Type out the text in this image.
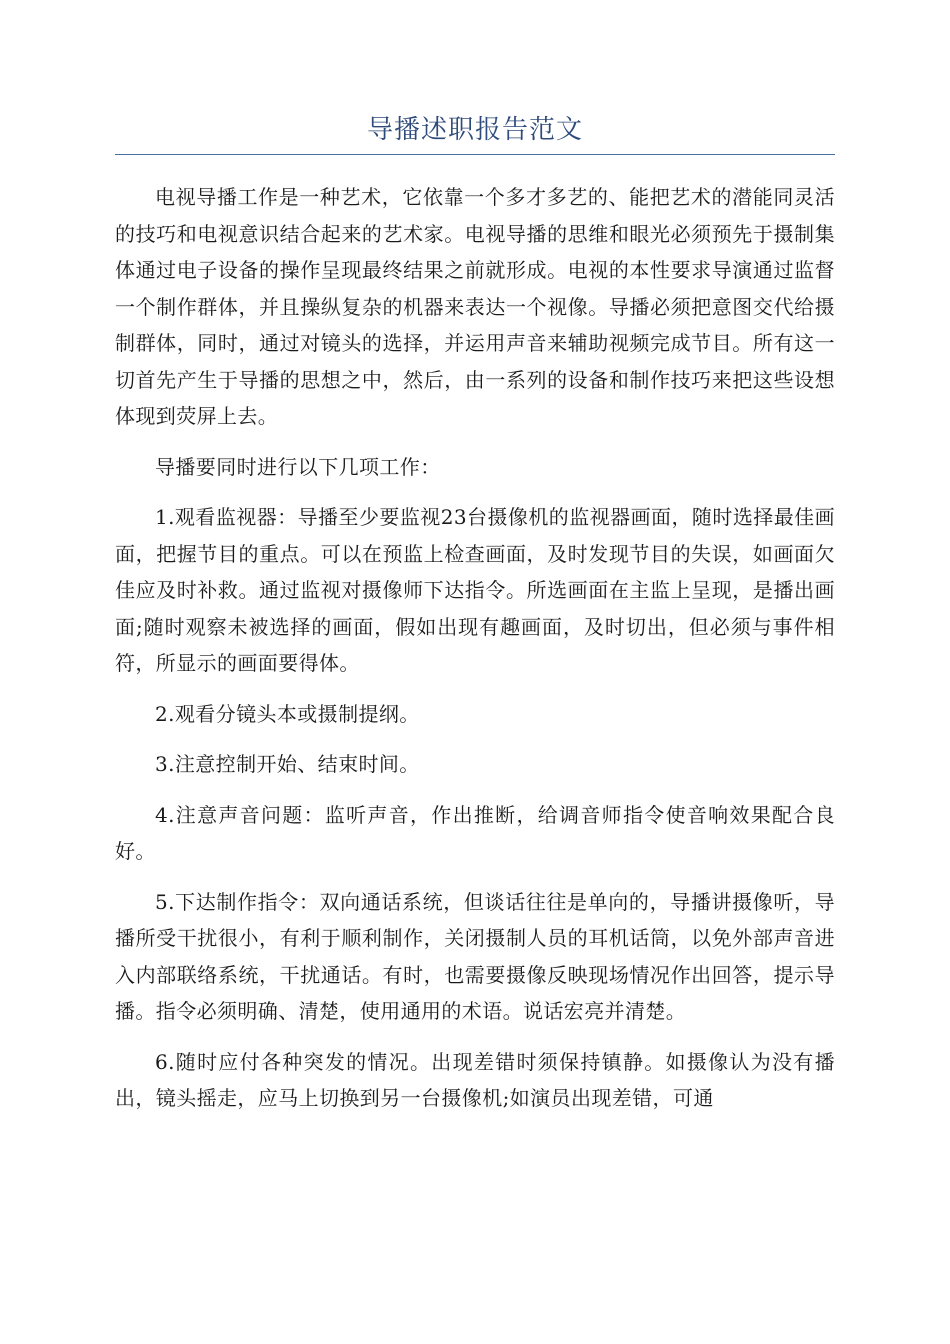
导播述职报告范文

电视导播工作是一种艺术，它依靠一个多才多艺的、能把艺术的潜能同灵活的技巧和电视意识结合起来的艺术家。电视导播的思维和眼光必须预先于摄制集体通过电子设备的操作呈现最终结果之前就形成。电视的本性要求导演通过监督一个制作群体，并且操纵复杂的机器来表达一个视像。导播必须把意图交代给摄制群体，同时，通过对镜头的选择，并运用声音来辅助视频完成节目。所有这一切首先产生于导播的思想之中，然后，由一系列的设备和制作技巧来把这些设想体现到荧屏上去。

导播要同时进行以下几项工作：

1.观看监视器：导播至少要监视23台摄像机的监视器画面，随时选择最佳画面，把握节目的重点。可以在预监上检查画面，及时发现节目的失误，如画面欠佳应及时补救。通过监视对摄像师下达指令。所选画面在主监上呈现，是播出画面;随时观察未被选择的画面，假如出现有趣画面，及时切出，但必须与事件相符，所显示的画面要得体。

2.观看分镜头本或摄制提纲。

3.注意控制开始、结束时间。

4.注意声音问题：监听声音，作出推断，给调音师指令使音响效果配合良好。

5.下达制作指令：双向通话系统，但谈话往往是单向的，导播讲摄像听，导播所受干扰很小，有利于顺利制作，关闭摄制人员的耳机话筒，以免外部声音进入内部联络系统，干扰通话。有时，也需要摄像反映现场情况作出回答，提示导播。指令必须明确、清楚，使用通用的术语。说话宏亮并清楚。

6.随时应付各种突发的情况。出现差错时须保持镇静。如摄像认为没有播出，镜头摇走，应马上切换到另一台摄像机;如演员出现差错，可通
